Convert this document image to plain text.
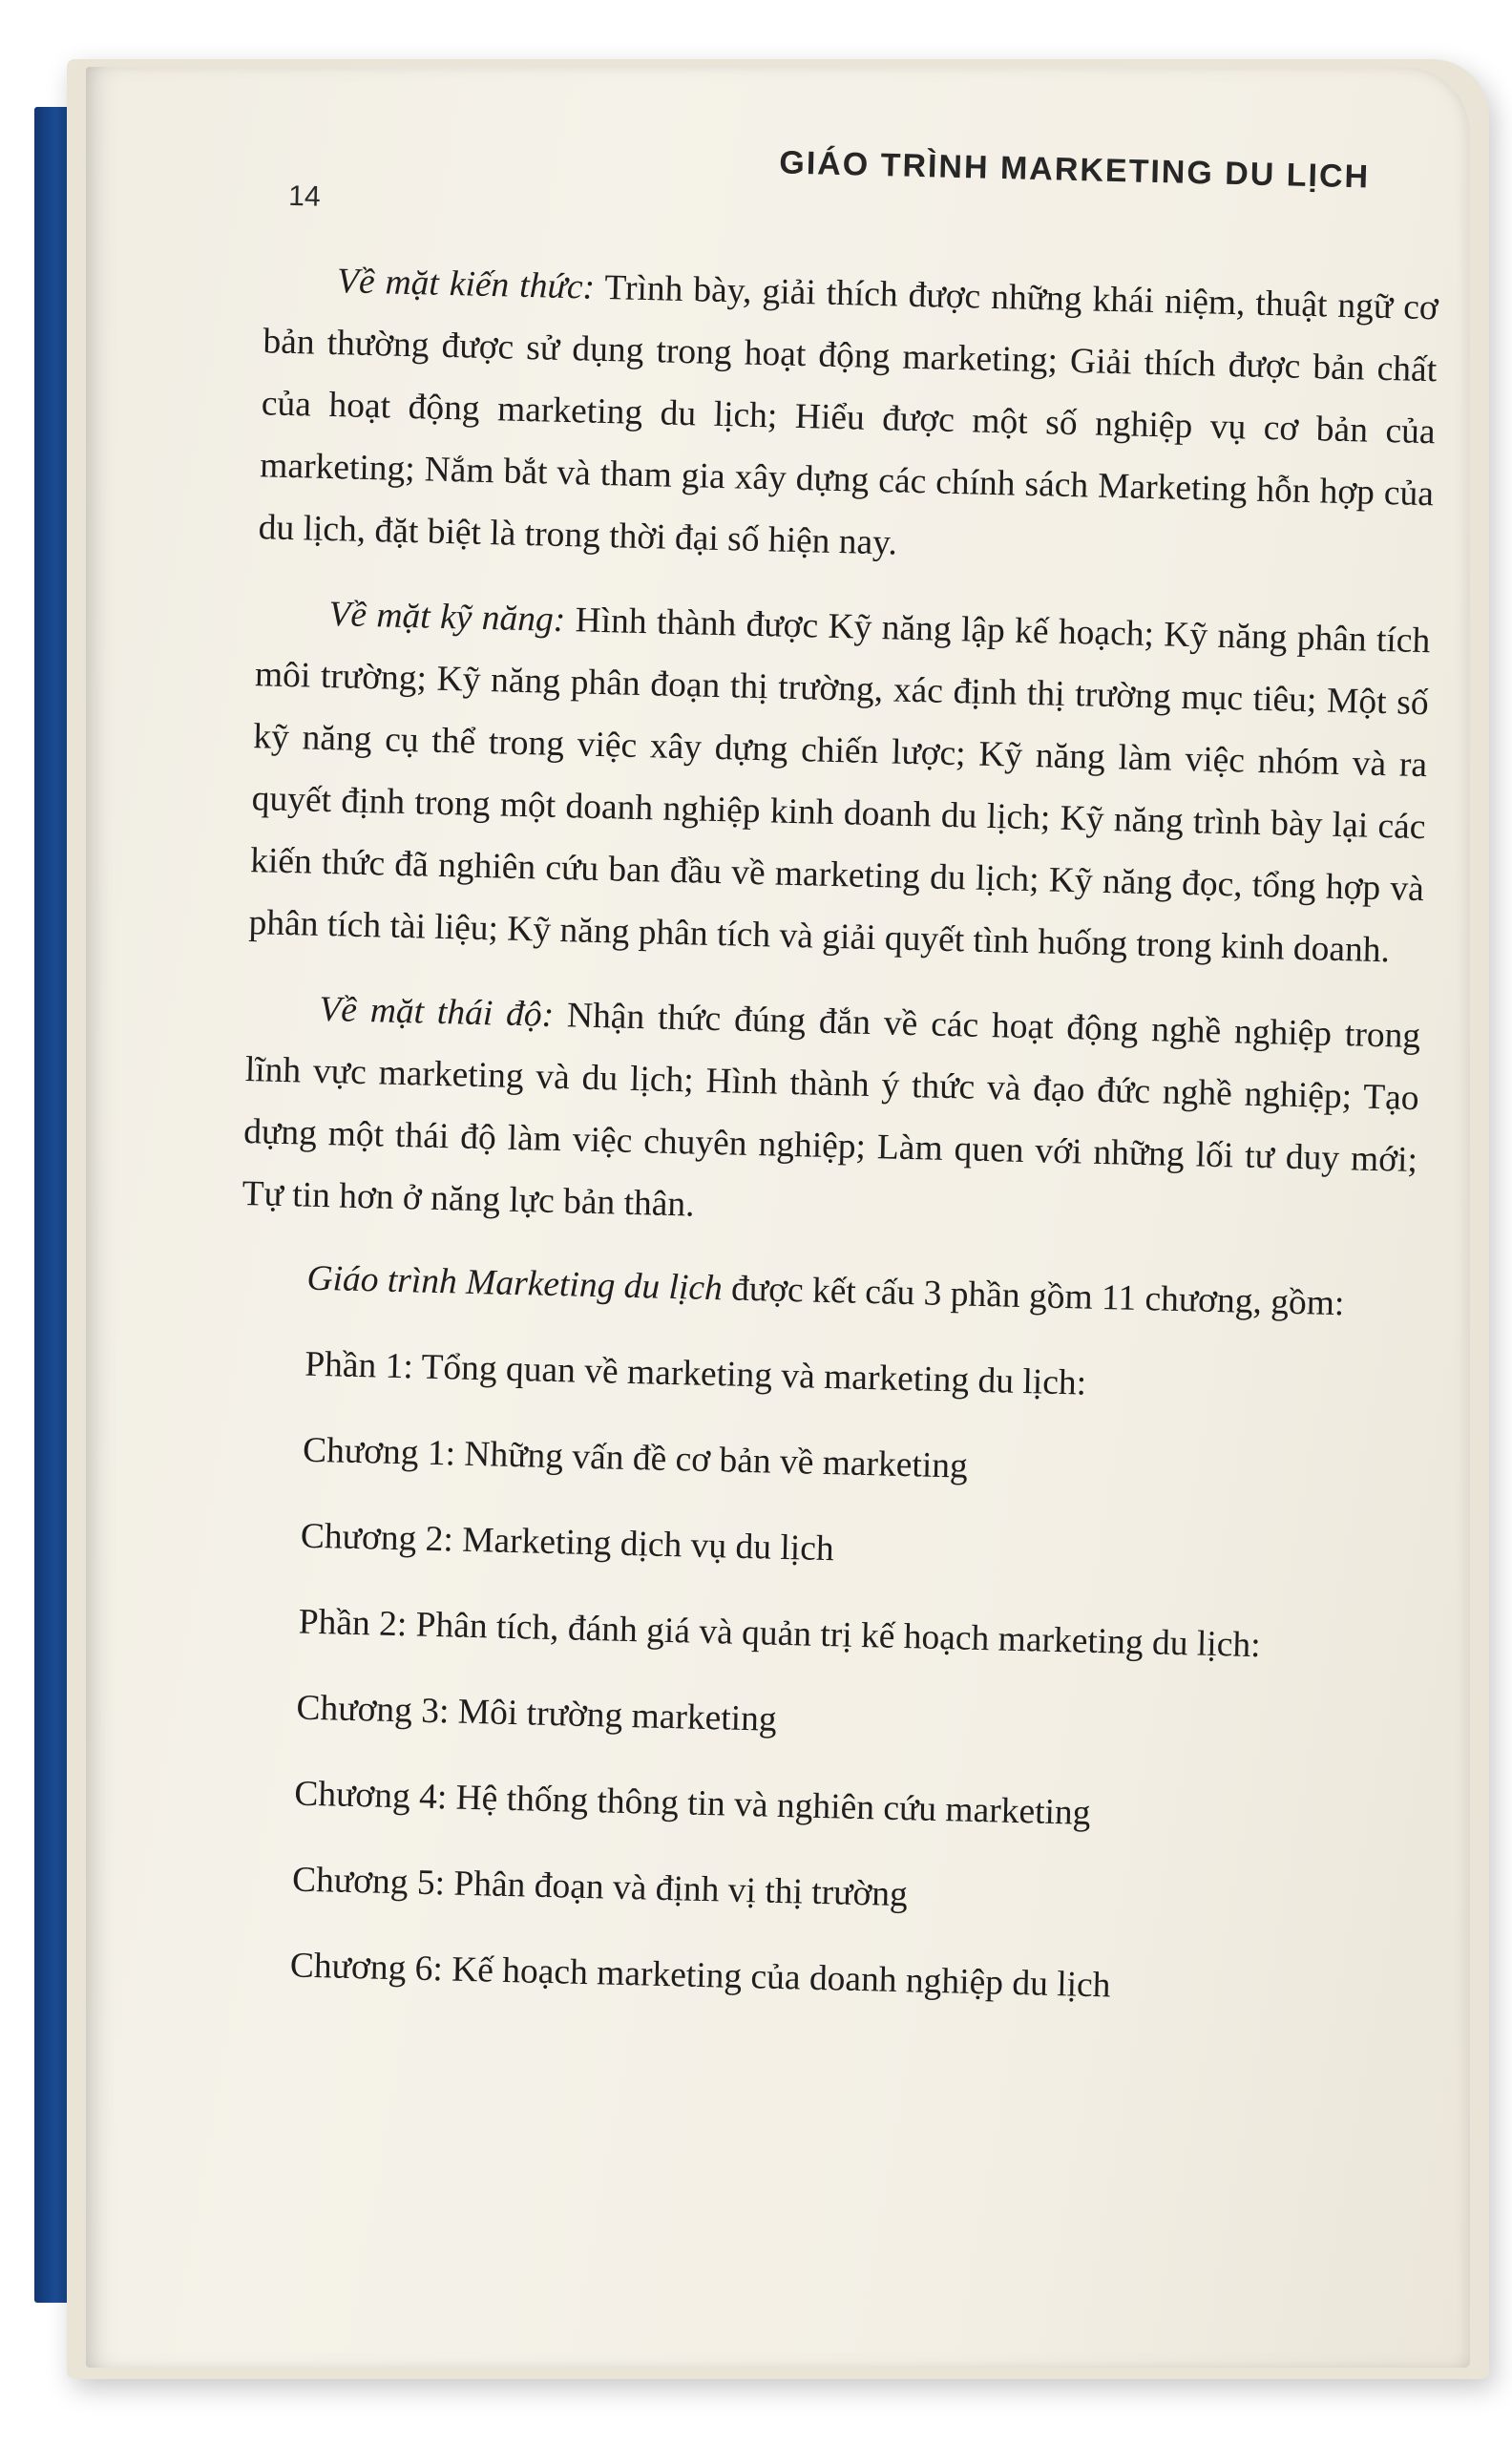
14
GIÁO TRÌNH MARKETING DU LỊCH

Về mặt kiến thức: Trình bày, giải thích được những khái niệm, thuật ngữ cơ bản thường được sử dụng trong hoạt động marketing; Giải thích được bản chất của hoạt động marketing du lịch; Hiểu được một số nghiệp vụ cơ bản của marketing; Nắm bắt và tham gia xây dựng các chính sách Marketing hỗn hợp của du lịch, đặt biệt là trong thời đại số hiện nay.

Về mặt kỹ năng: Hình thành được Kỹ năng lập kế hoạch; Kỹ năng phân tích môi trường; Kỹ năng phân đoạn thị trường, xác định thị trường mục tiêu; Một số kỹ năng cụ thể trong việc xây dựng chiến lược; Kỹ năng làm việc nhóm và ra quyết định trong một doanh nghiệp kinh doanh du lịch; Kỹ năng trình bày lại các kiến thức đã nghiên cứu ban đầu về marketing du lịch; Kỹ năng đọc, tổng hợp và phân tích tài liệu; Kỹ năng phân tích và giải quyết tình huống trong kinh doanh.

Về mặt thái độ: Nhận thức đúng đắn về các hoạt động nghề nghiệp trong lĩnh vực marketing và du lịch; Hình thành ý thức và đạo đức nghề nghiệp; Tạo dựng một thái độ làm việc chuyên nghiệp; Làm quen với những lối tư duy mới; Tự tin hơn ở năng lực bản thân.

Giáo trình Marketing du lịch được kết cấu 3 phần gồm 11 chương, gồm:

Phần 1: Tổng quan về marketing và marketing du lịch:

Chương 1: Những vấn đề cơ bản về marketing

Chương 2: Marketing dịch vụ du lịch

Phần 2: Phân tích, đánh giá và quản trị kế hoạch marketing du lịch:

Chương 3: Môi trường marketing

Chương 4: Hệ thống thông tin và nghiên cứu marketing

Chương 5: Phân đoạn và định vị thị trường

Chương 6: Kế hoạch marketing của doanh nghiệp du lịch
